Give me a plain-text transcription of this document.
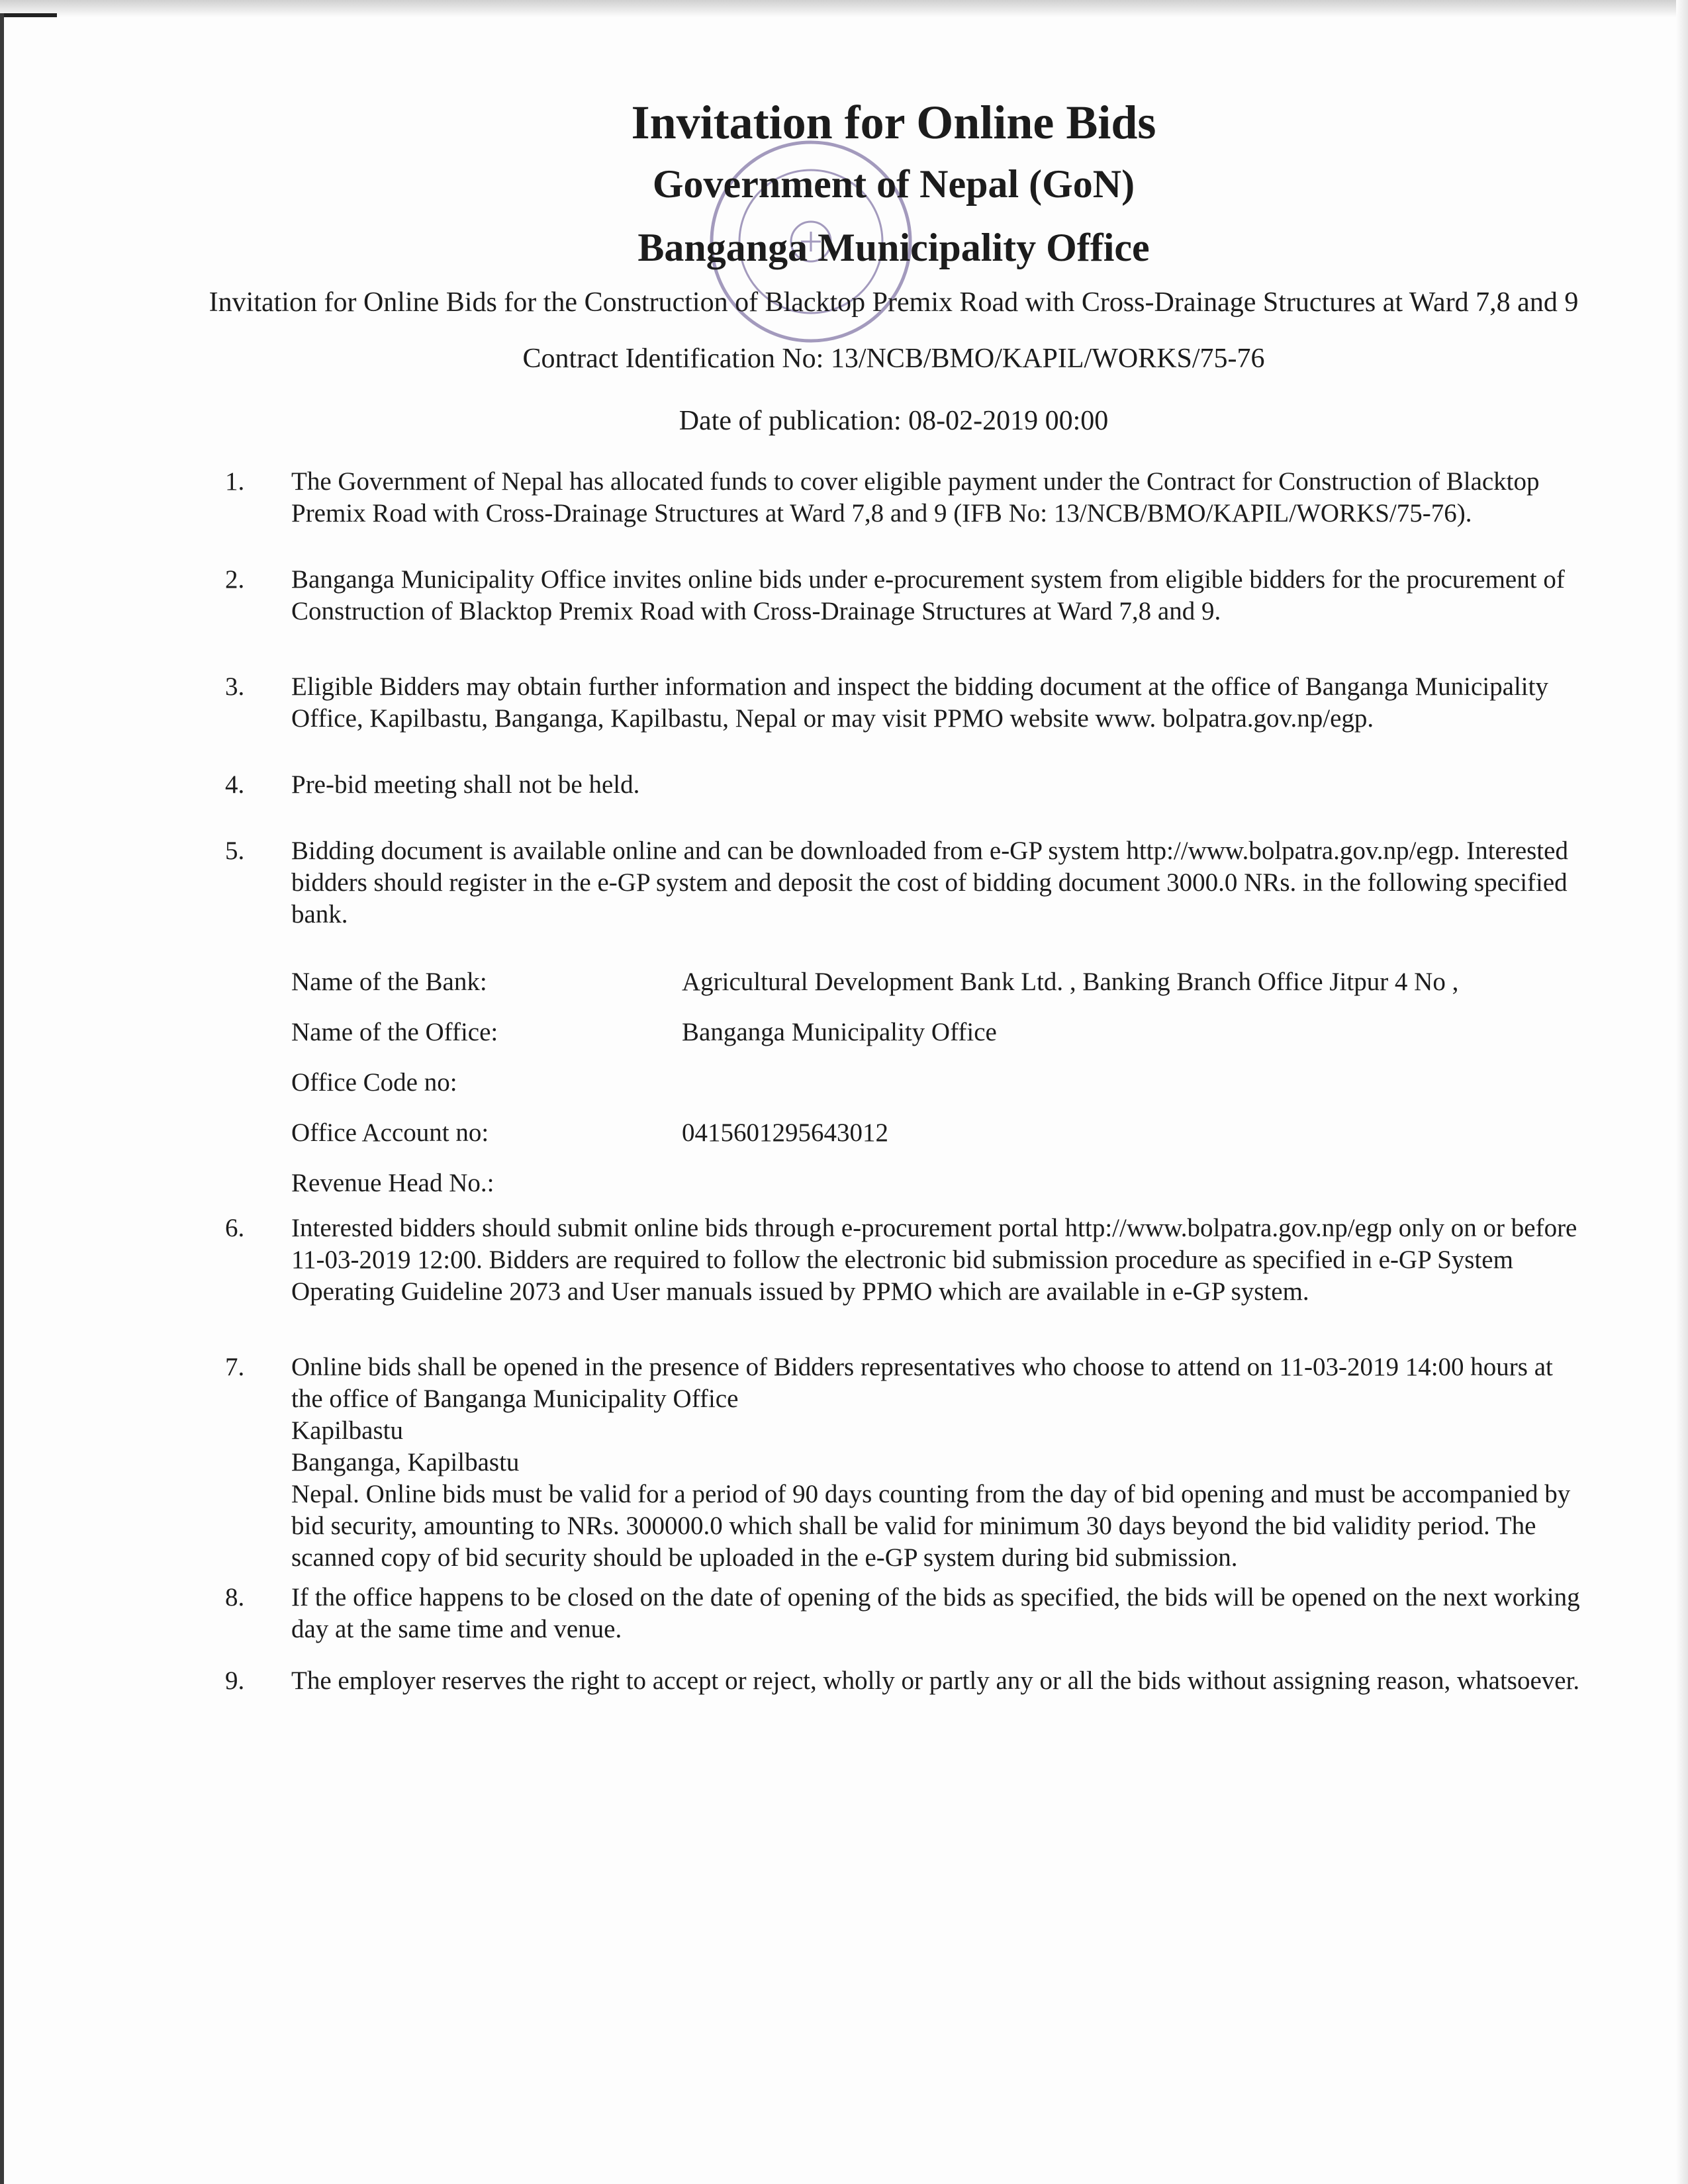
Invitation for Online Bids

Government of Nepal (GoN)

Banganga Municipality Office

Invitation for Online Bids for the Construction of Blacktop Premix Road with Cross-Drainage Structures at Ward 7,8 and 9

Contract Identification No: 13/NCB/BMO/KAPIL/WORKS/75-76

Date of publication: 08-02-2019 00:00

1. The Government of Nepal has allocated funds to cover eligible payment under the Contract for Construction of Blacktop Premix Road with Cross-Drainage Structures at Ward 7,8 and 9 (IFB No: 13/NCB/BMO/KAPIL/WORKS/75-76).
2. Banganga Municipality Office invites online bids under e-procurement system from eligible bidders for the procurement of Construction of Blacktop Premix Road with Cross-Drainage Structures at Ward 7,8 and 9.
3. Eligible Bidders may obtain further information and inspect the bidding document at the office of Banganga Municipality Office, Kapilbastu, Banganga, Kapilbastu, Nepal or may visit PPMO website www. bolpatra.gov.np/egp.
4. Pre-bid meeting shall not be held.
5. Bidding document is available online and can be downloaded from e-GP system http://www.bolpatra.gov.np/egp. Interested bidders should register in the e-GP system and deposit the cost of bidding document 3000.0 NRs. in the following specified bank.
Name of the Bank:	Agricultural Development Bank Ltd. , Banking Branch Office Jitpur 4 No ,
Name of the Office:	Banganga Municipality Office
Office Code no:
Office Account no:	0415601295643012
Revenue Head No.:
6. Interested bidders should submit online bids through e-procurement portal http://www.bolpatra.gov.np/egp only on or before 11-03-2019 12:00. Bidders are required to follow the electronic bid submission procedure as specified in e-GP System Operating Guideline 2073 and User manuals issued by PPMO which are available in e-GP system.
7. Online bids shall be opened in the presence of Bidders representatives who choose to attend on 11-03-2019 14:00 hours at the office of Banganga Municipality Office
Kapilbastu
Banganga, Kapilbastu
Nepal. Online bids must be valid for a period of 90 days counting from the day of bid opening and must be accompanied by bid security, amounting to NRs. 300000.0 which shall be valid for minimum 30 days beyond the bid validity period. The scanned copy of bid security should be uploaded in the e-GP system during bid submission.
8. If the office happens to be closed on the date of opening of the bids as specified, the bids will be opened on the next working day at the same time and venue.
9. The employer reserves the right to accept or reject, wholly or partly any or all the bids without assigning reason, whatsoever.
